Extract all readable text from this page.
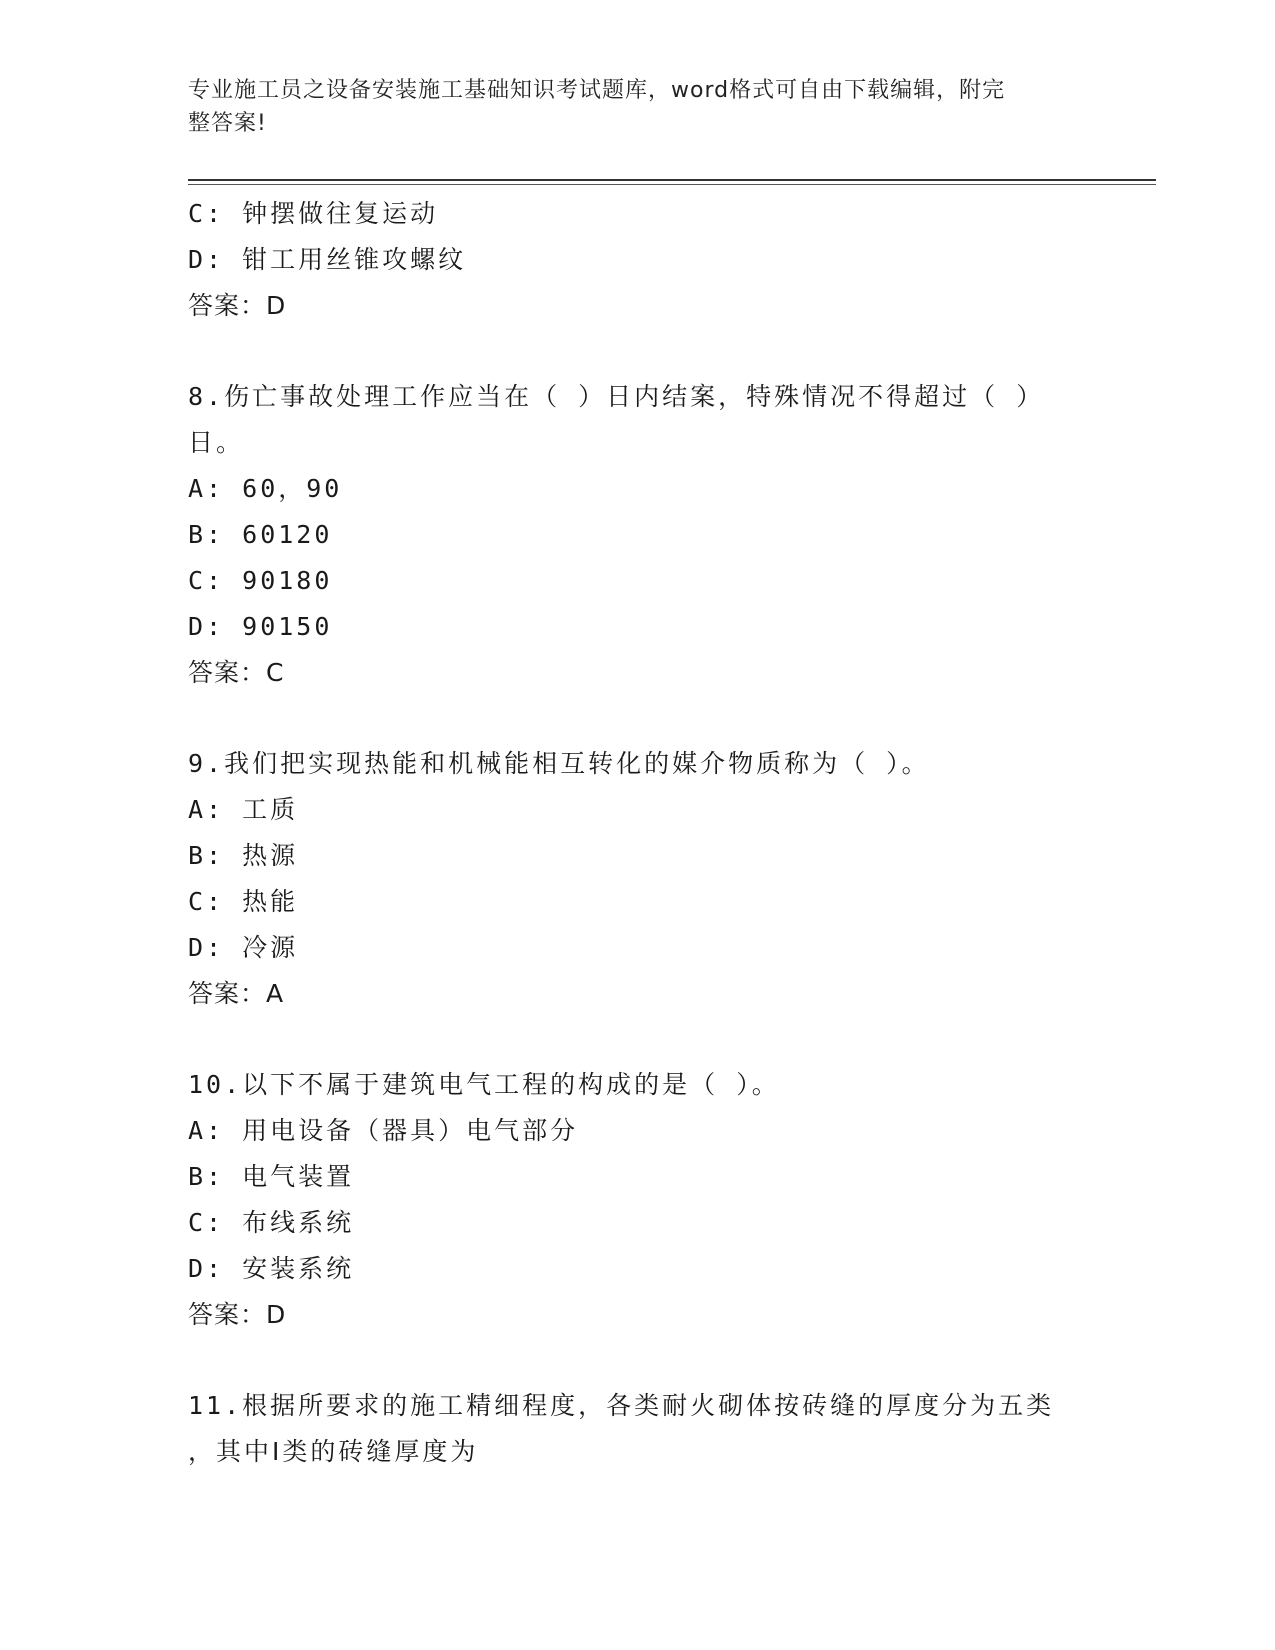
专业施工员之设备安装施工基础知识考试题库，word格式可自由下载编辑，附完
整答案!
C: 钟摆做往复运动
D: 钳工用丝锥攻螺纹
答案：D
8.伤亡事故处理工作应当在（ ）日内结案，特殊情况不得超过（ ）
日。
A: 60，90
B: 60120
C: 90180
D: 90150
答案：C
9.我们把实现热能和机械能相互转化的媒介物质称为（ ）。
A: 工质
B: 热源
C: 热能
D: 冷源
答案：A
10.以下不属于建筑电气工程的构成的是（ ）。
A: 用电设备（器具）电气部分
B: 电气装置
C: 布线系统
D: 安装系统
答案：D
11.根据所要求的施工精细程度，各类耐火砌体按砖缝的厚度分为五类
，其中Ⅰ类的砖缝厚度为
